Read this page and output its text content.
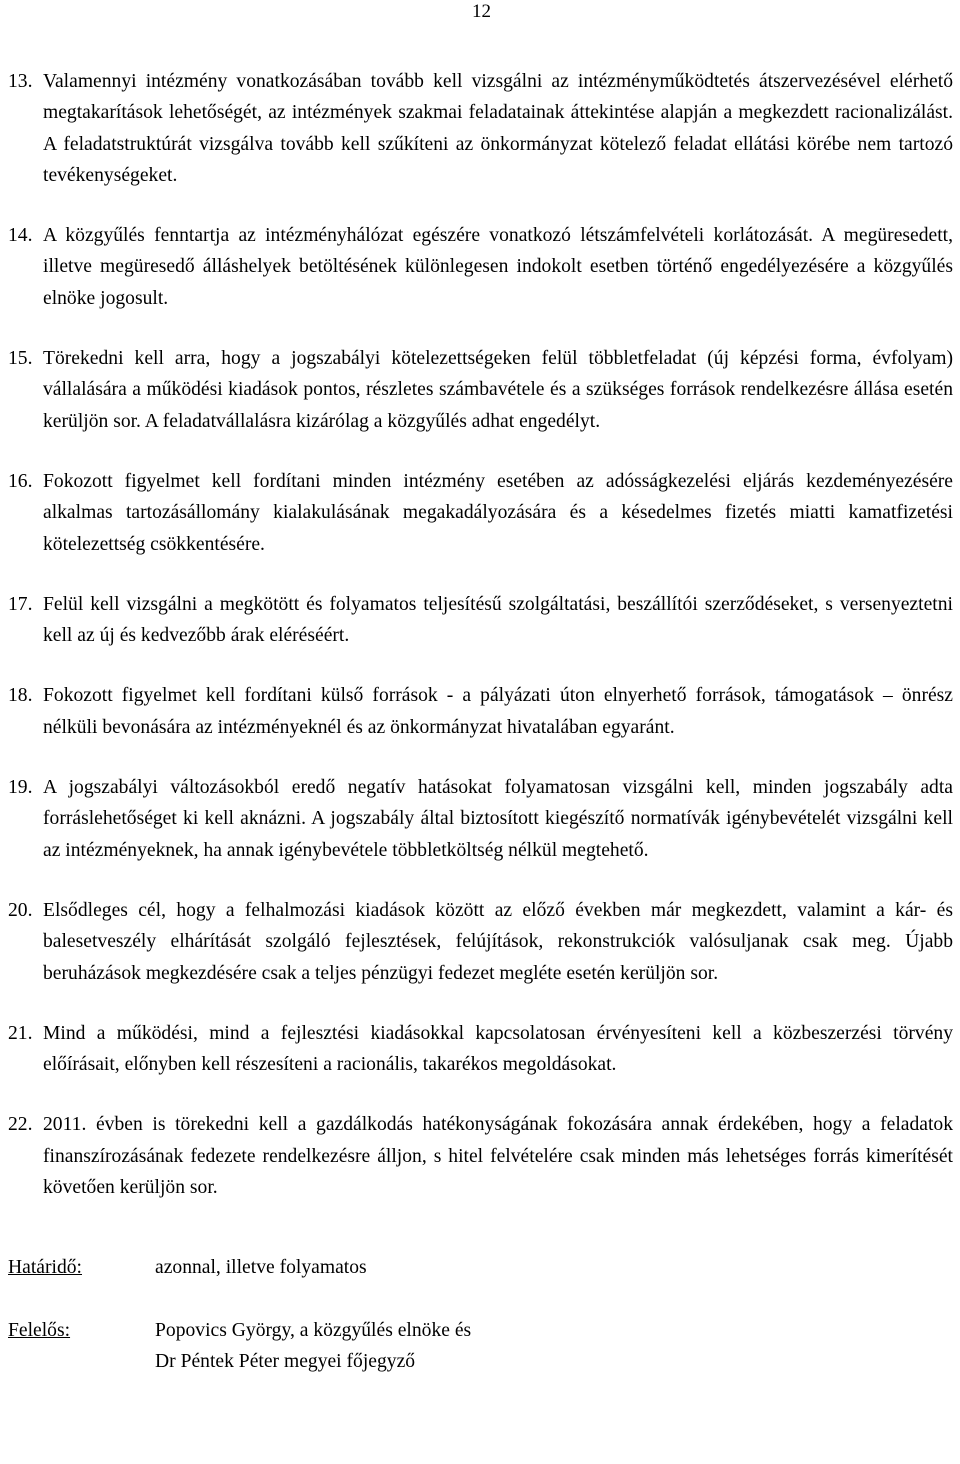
12
13. Valamennyi intézmény vonatkozásában tovább kell vizsgálni az intézményműködtetés átszervezésével elérhető megtakarítások lehetőségét, az intézmények szakmai feladatainak áttekintése alapján a megkezdett racionalizálást. A feladatstruktúrát vizsgálva tovább kell szűkíteni az önkormányzat kötelező feladat ellátási körébe nem tartozó tevékenységeket.

14. A közgyűlés fenntartja az intézményhálózat egészére vonatkozó létszámfelvételi korlátozását. A megüresedett, illetve megüresedő álláshelyek betöltésének különlegesen indokolt esetben történő engedélyezésére a közgyűlés elnöke jogosult.

15. Törekedni kell arra, hogy a jogszabályi kötelezettségeken felül többletfeladat (új képzési forma, évfolyam) vállalására a működési kiadások pontos, részletes számbavétele és a szükséges források rendelkezésre állása esetén kerüljön sor. A feladatvállalásra kizárólag a közgyűlés adhat engedélyt.

16. Fokozott figyelmet kell fordítani minden intézmény esetében az adósságkezelési eljárás kezdeményezésére alkalmas tartozásállomány kialakulásának megakadályozására és a késedelmes fizetés miatti kamatfizetési kötelezettség csökkentésére.

17. Felül kell vizsgálni a megkötött és folyamatos teljesítésű szolgáltatási, beszállítói szerződéseket, s versenyeztetni kell az új és kedvezőbb árak eléréséért.

18. Fokozott figyelmet kell fordítani külső források - a pályázati úton elnyerhető források, támogatások – önrész nélküli bevonására az intézményeknél és az önkormányzat hivatalában egyaránt.

19. A jogszabályi változásokból eredő negatív hatásokat folyamatosan vizsgálni kell, minden jogszabály adta forráslehetőséget ki kell aknázni. A jogszabály által biztosított kiegészítő normatívák igénybevételét vizsgálni kell az intézményeknek, ha annak igénybevétele többletköltség nélkül megtehető.

20. Elsődleges cél, hogy a felhalmozási kiadások között az előző években már megkezdett, valamint a kár- és balesetveszély elhárítását szolgáló fejlesztések, felújítások, rekonstrukciók valósuljanak csak meg. Újabb beruházások megkezdésére csak a teljes pénzügyi fedezet megléte esetén kerüljön sor.

21. Mind a működési, mind a fejlesztési kiadásokkal kapcsolatosan érvényesíteni kell a közbeszerzési törvény előírásait, előnyben kell részesíteni a racionális, takarékos megoldásokat.

22. 2011. évben is törekedni kell a gazdálkodás hatékonyságának fokozására annak érdekében, hogy a feladatok finanszírozásának fedezete rendelkezésre álljon, s hitel felvételére csak minden más lehetséges forrás kimerítését követően kerüljön sor.

Határidő:	azonnal, illetve folyamatos
Felelős:	Popovics György, a közgyűlés elnöke és
Dr Péntek Péter megyei főjegyző
